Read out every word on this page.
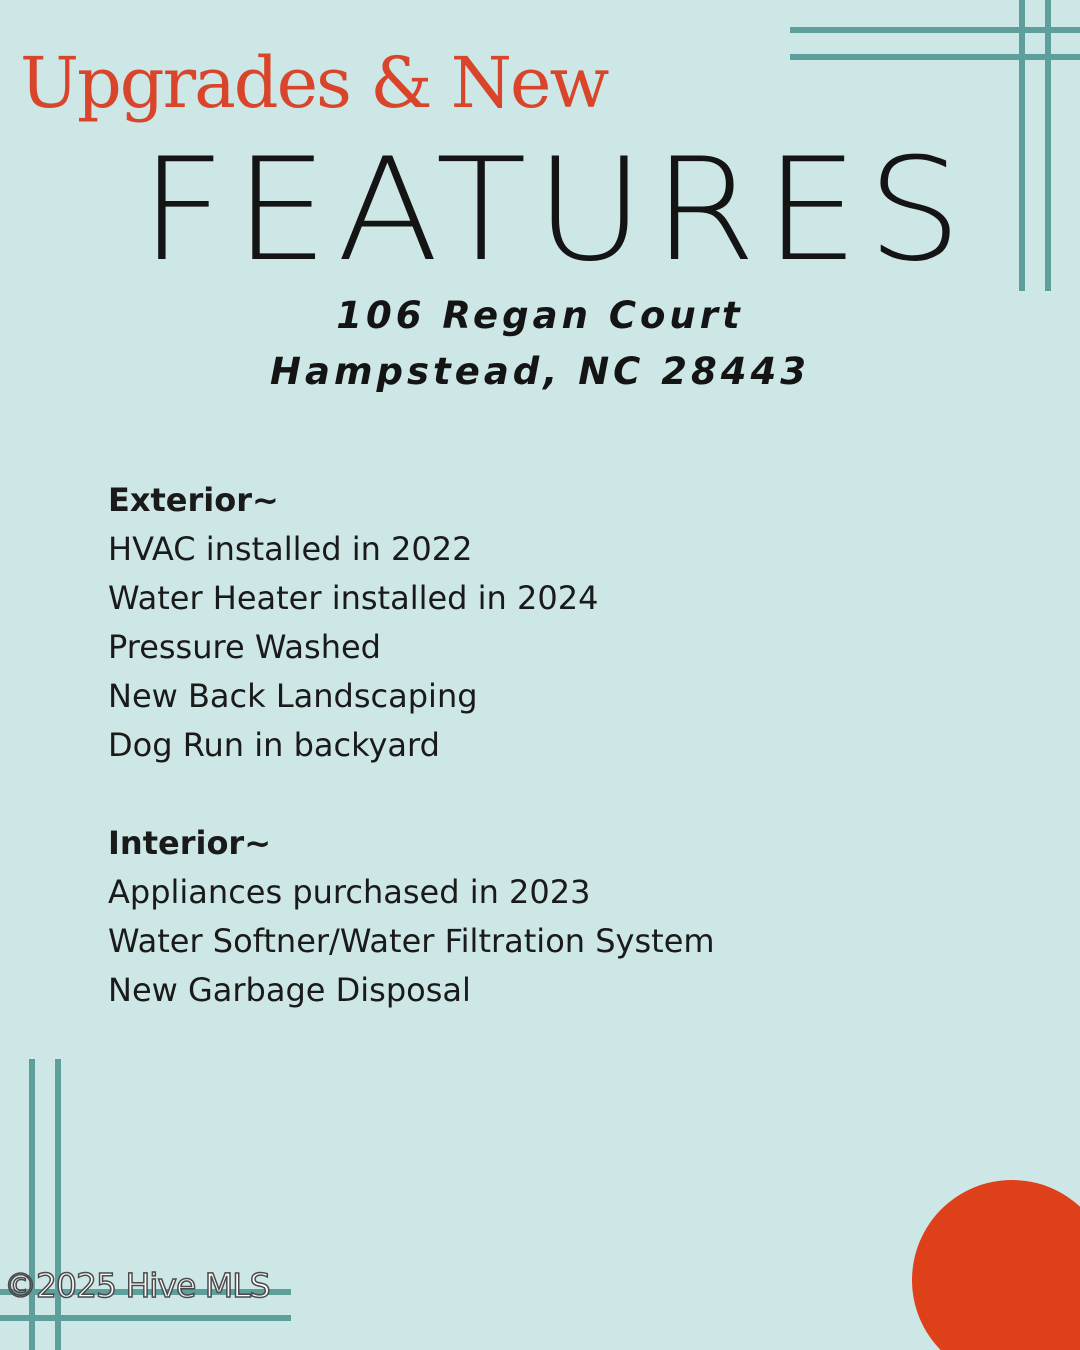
Upgrades & New
FEATURES
106 Regan Court
Hampstead, NC 28443
Exterior~
HVAC installed in 2022
Water Heater installed in 2024
Pressure Washed
New Back Landscaping
Dog Run in backyard
Interior~
Appliances purchased in 2023
Water Softner/Water Filtration System
New Garbage Disposal
©2025 Hive MLS
